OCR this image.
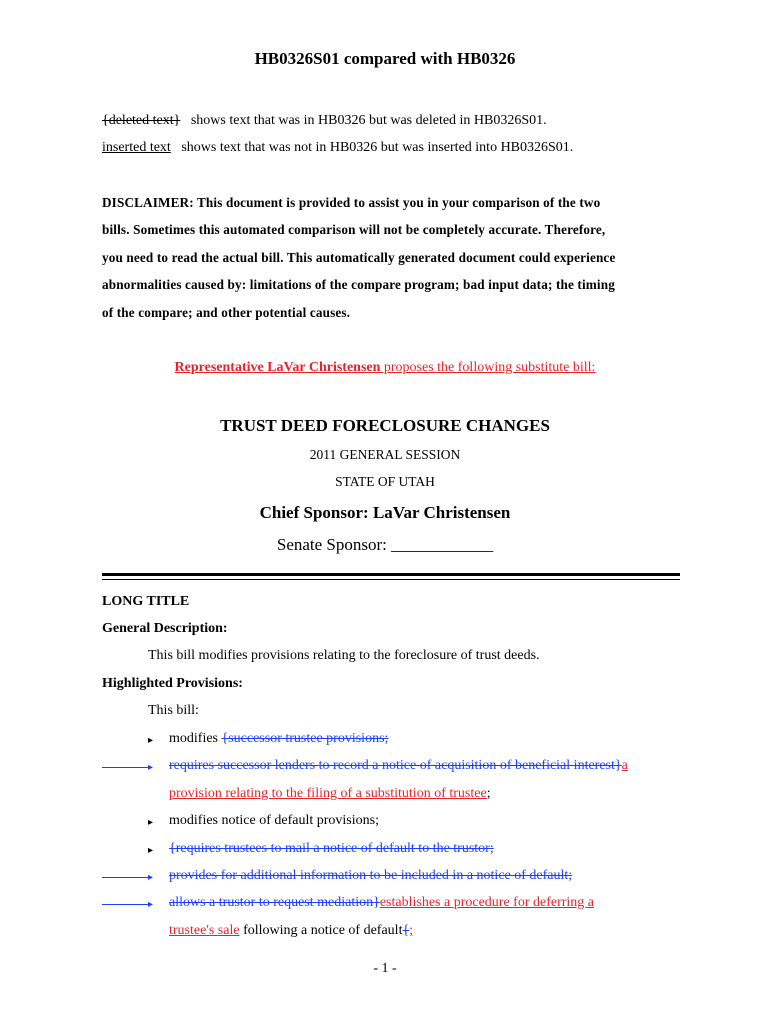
HB0326S01 compared with HB0326
{deleted text} shows text that was in HB0326 but was deleted in HB0326S01.
inserted text shows text that was not in HB0326 but was inserted into HB0326S01.
DISCLAIMER: This document is provided to assist you in your comparison of the two
bills. Sometimes this automated comparison will not be completely accurate. Therefore,
you need to read the actual bill. This automatically generated document could experience
abnormalities caused by: limitations of the compare program; bad input data; the timing
of the compare; and other potential causes.
Representative LaVar Christensen proposes the following substitute bill:
TRUST DEED FORECLOSURE CHANGES
2011 GENERAL SESSION
STATE OF UTAH
Chief Sponsor: LaVar Christensen
Senate Sponsor: ____________
LONG TITLE
General Description:
This bill modifies provisions relating to the foreclosure of trust deeds.
Highlighted Provisions:
This bill:
▸ modifies {successor trustee provisions;
▸ requires successor lenders to record a notice of acquisition of beneficial interest}a
provision relating to the filing of a substitution of trustee;
▸ modifies notice of default provisions;
▸ {requires trustees to mail a notice of default to the trustor;
▸ provides for additional information to be included in a notice of default;
▸ allows a trustor to request mediation}establishes a procedure for deferring a
trustee's sale following a notice of default{;
- 1 -
